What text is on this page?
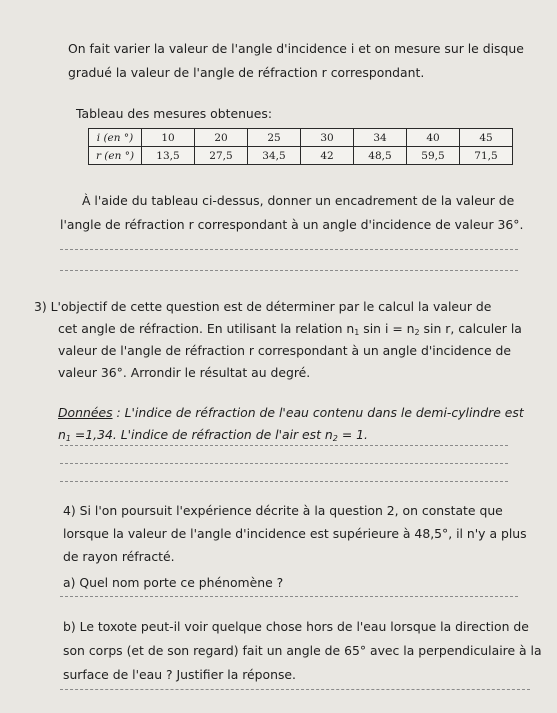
On fait varier la valeur de l'angle d'incidence i et on mesure sur le disque
gradué la valeur de l'angle de réfraction r correspondant.
Tableau des mesures obtenues:
i (en °)	10	20	25	30	34	40	45
r (en °)	13,5	27,5	34,5	42	48,5	59,5	71,5
À l'aide du tableau ci-dessus, donner un encadrement de la valeur de
l'angle de réfraction r correspondant à un angle d'incidence de valeur 36°.
3) L'objectif de cette question est de déterminer par le calcul la valeur de
cet angle de réfraction. En utilisant la relation $n_1$ $\sin i = n_2$ sin r, calculer la
valeur de l'angle de réfraction r correspondant à un angle d'incidence de
valeur 36°. Arrondir le résultat au degré.
Données : L'indice de réfraction de l'eau contenu dans le demi-cylindre est
$n_1 =1,34$. L'indice de réfraction de l'air est $n_2 = 1$.
4) Si l'on poursuit l'expérience décrite à la question 2, on constate que
lorsque la valeur de l'angle d'incidence est supérieure à 48,5°, il n'y a plus
de rayon réfracté.
a) Quel nom porte ce phénomène ?
b) Le toxote peut-il voir quelque chose hors de l'eau lorsque la direction de
son corps (et de son regard) fait un angle de 65° avec la perpendiculaire à la
surface de l'eau ? Justifier la réponse.
